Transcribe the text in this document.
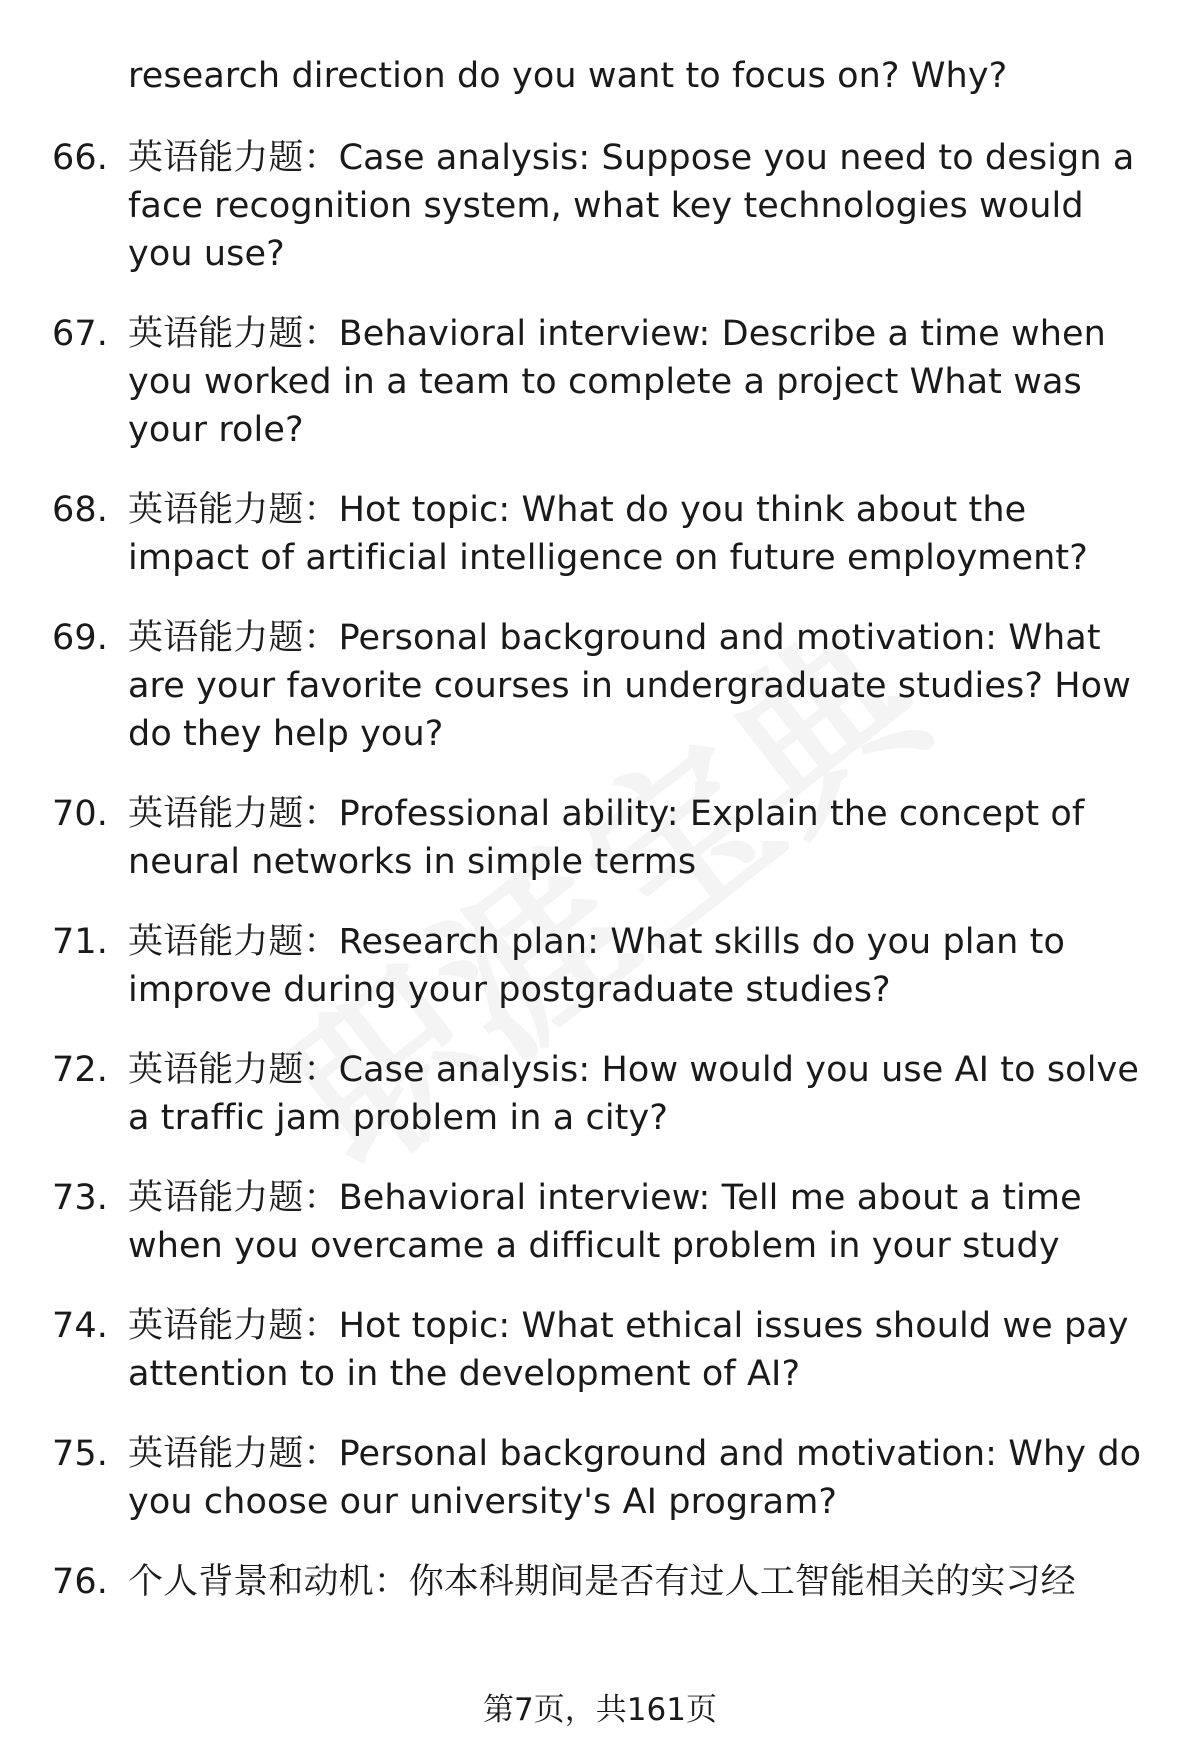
research direction do you want to focus on? Why?
66. 英语能力题：Case analysis: Suppose you need to design a face recognition system, what key technologies would you use?
67. 英语能力题：Behavioral interview: Describe a time when you worked in a team to complete a project What was your role?
68. 英语能力题：Hot topic: What do you think about the impact of artificial intelligence on future employment?
69. 英语能力题：Personal background and motivation: What are your favorite courses in undergraduate studies? How do they help you?
70. 英语能力题：Professional ability: Explain the concept of neural networks in simple terms
71. 英语能力题：Research plan: What skills do you plan to improve during your postgraduate studies?
72. 英语能力题：Case analysis: How would you use AI to solve a traffic jam problem in a city?
73. 英语能力题：Behavioral interview: Tell me about a time when you overcame a difficult problem in your study
74. 英语能力题：Hot topic: What ethical issues should we pay attention to in the development of AI?
75. 英语能力题：Personal background and motivation: Why do you choose our university's AI program?
76. 个人背景和动机：你本科期间是否有过人工智能相关的实习经
第7页，共161页
